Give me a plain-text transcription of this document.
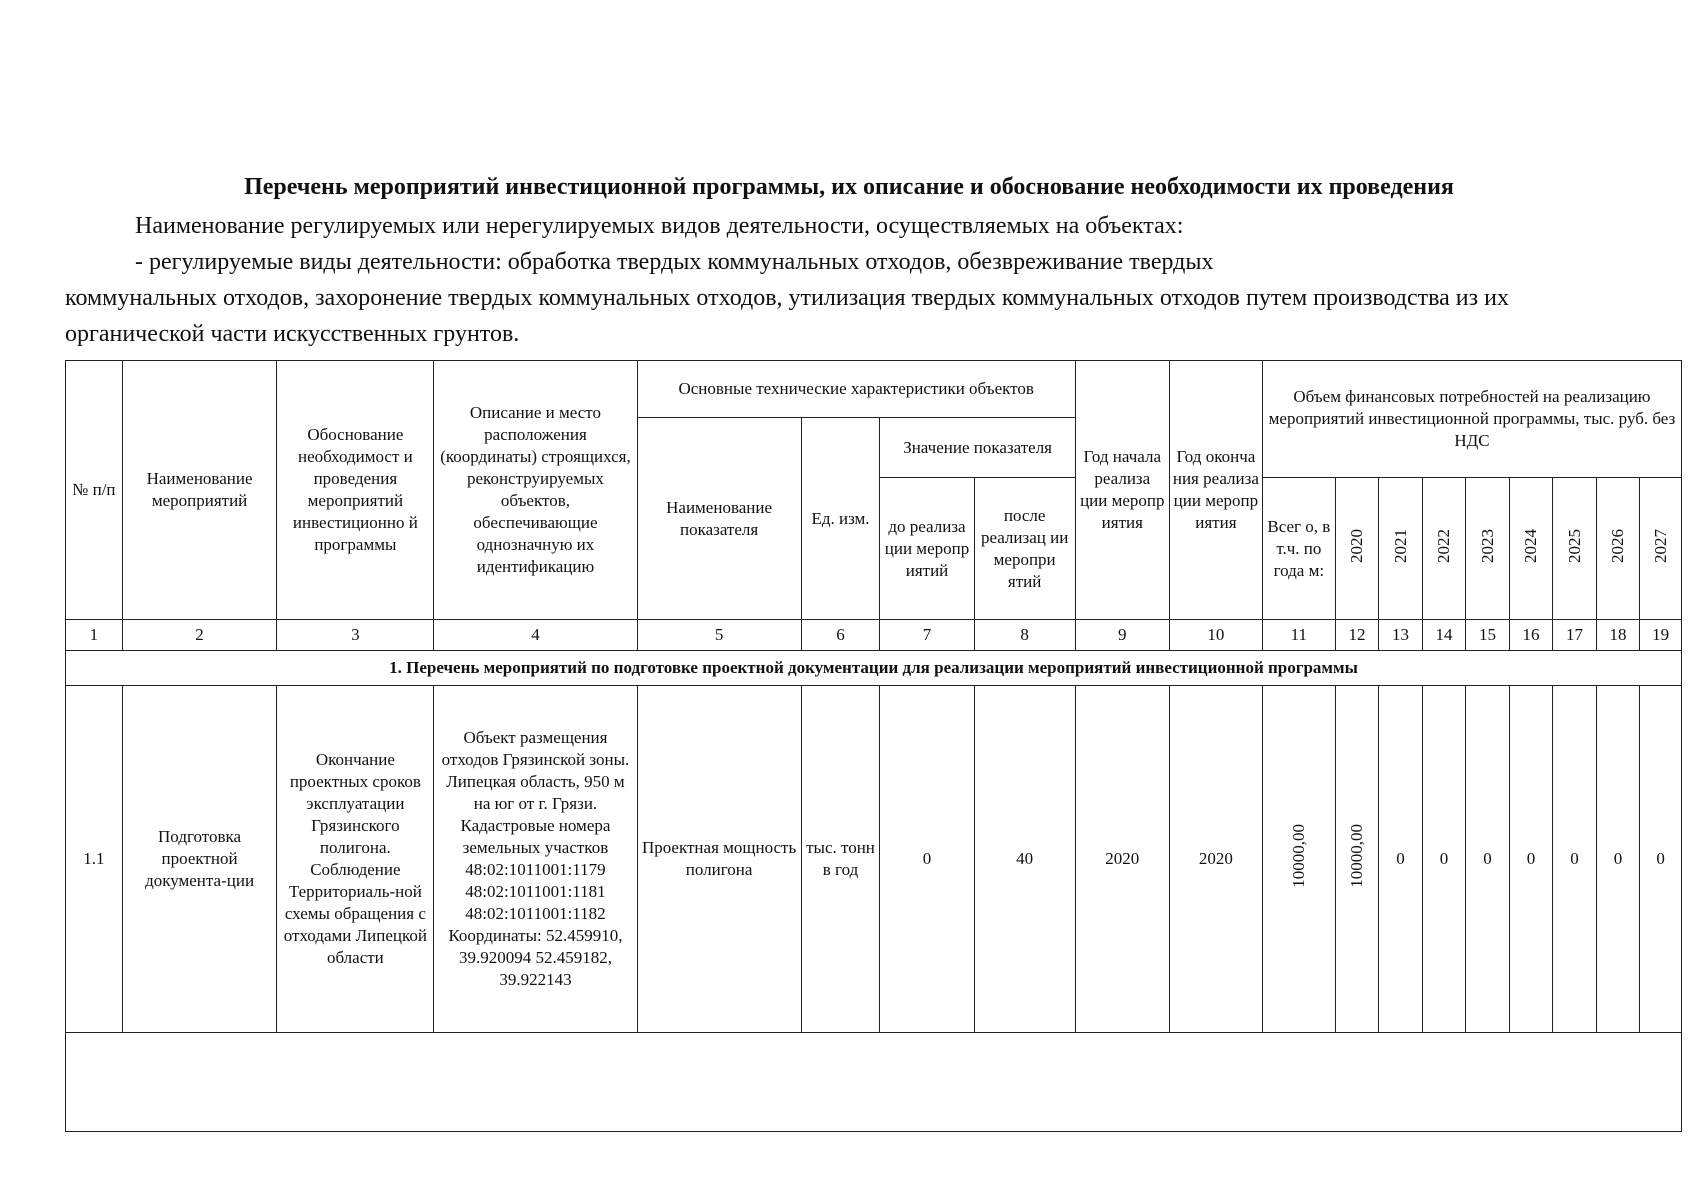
Перечень мероприятий инвестиционной программы, их описание и обоснование необходимости их проведения
Наименование регулируемых или нерегулируемых видов деятельности, осуществляемых на объектах:
- регулируемые виды деятельности: обработка твердых коммунальных отходов, обезвреживание твердых
коммунальных отходов, захоронение твердых коммунальных отходов, утилизация твердых коммунальных отходов путем производства из их органической части искусственных грунтов.
№ п/п	Наименование мероприятий	Обоснование необходимост и проведения мероприятий инвестиционно й программы	Описание и место расположения (координаты) строящихся, реконструируемых объектов, обеспечивающие однозначную их идентификацию	Основные технические характеристики объектов				Год начала реализа ции меропр иятия	Год оконча ния реализа ции меропр иятия	Объем финансовых потребностей на реализацию мероприятий инвестиционной программы, тыс. руб. без НДС								
				Наименование показателя	Ед. изм.	Значение показателя												
						до реализа ции меропр иятий	после реализац ии меропри ятий			Всег о, в т.ч. по года м:	2020	2021	2022	2023	2024	2025	2026	2027
1	2	3	4	5	6	7	8	9	10	11	12	13	14	15	16	17	18	19
1. Перечень мероприятий по подготовке проектной документации для реализации мероприятий инвестиционной программы																		
1.1	Подготовка проектной документа-ции	Окончание проектных сроков эксплуатации Грязинского полигона. Соблюдение Территориаль-ной схемы обращения с отходами Липецкой области	Объект размещения отходов Грязинской зоны. Липецкая область, 950 м на юг от г. Грязи. Кадастровые номера земельных участков 48:02:1011001:1179 48:02:1011001:1181 48:02:1011001:1182 Координаты: 52.459910, 39.920094 52.459182, 39.922143	Проектная мощность полигона	тыс. тонн в год	0	40	2020	2020	10000,00	10000,00	0	0	0	0	0	0	0
